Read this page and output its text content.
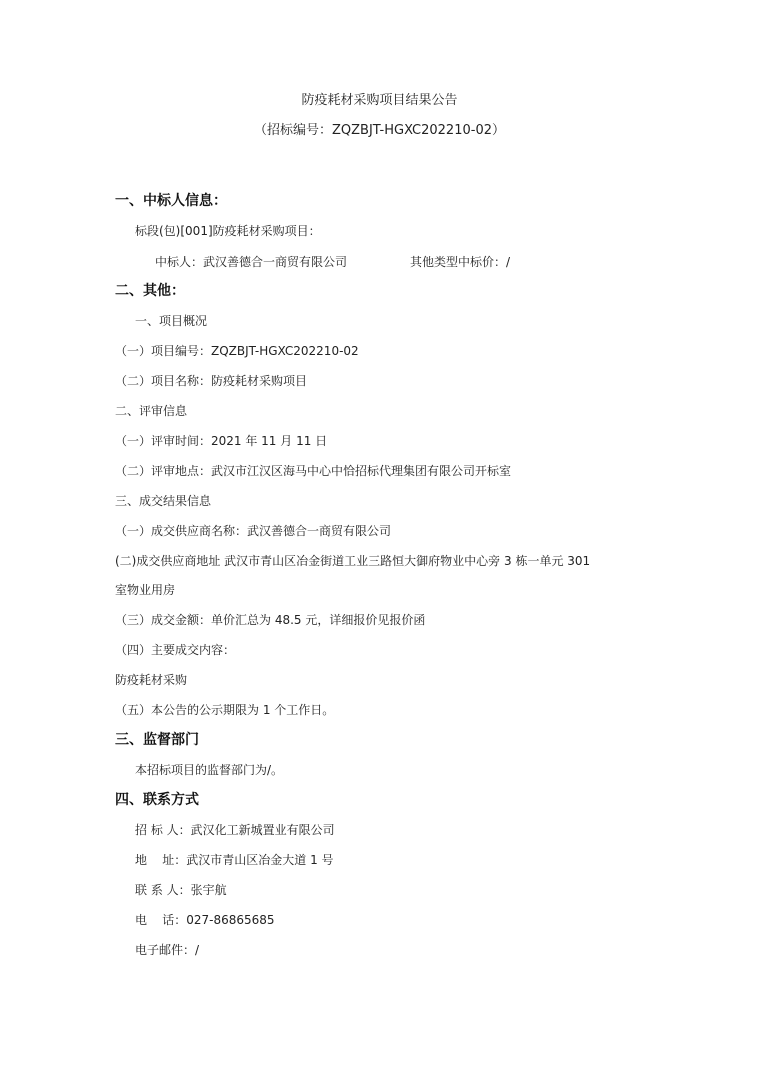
防疫耗材采购项目结果公告
（招标编号：ZQZBJT-HGXC202210-02）
一、中标人信息：
标段(包)[001]防疫耗材采购项目：
中标人：武汉善德合一商贸有限公司	其他类型中标价：/
二、其他：
一、项目概况
（一）项目编号：ZQZBJT-HGXC202210-02
（二）项目名称：防疫耗材采购项目
二、评审信息
（一）评审时间：2021 年 11 月 11 日
（二）评审地点：武汉市江汉区海马中心中恰招标代理集团有限公司开标室
三、成交结果信息
（一）成交供应商名称：武汉善德合一商贸有限公司
(二)成交供应商地址 武汉市青山区冶金街道工业三路恒大御府物业中心旁 3 栋一单元 301
室物业用房
（三）成交金额：单价汇总为 48.5 元，详细报价见报价函
（四）主要成交内容：
防疫耗材采购
（五）本公告的公示期限为 1 个工作日。
三、监督部门
本招标项目的监督部门为/。
四、联系方式
招 标 人：武汉化工新城置业有限公司
地    址：武汉市青山区冶金大道 1 号
联 系 人：张宇航
电    话：027-86865685
电子邮件：/
